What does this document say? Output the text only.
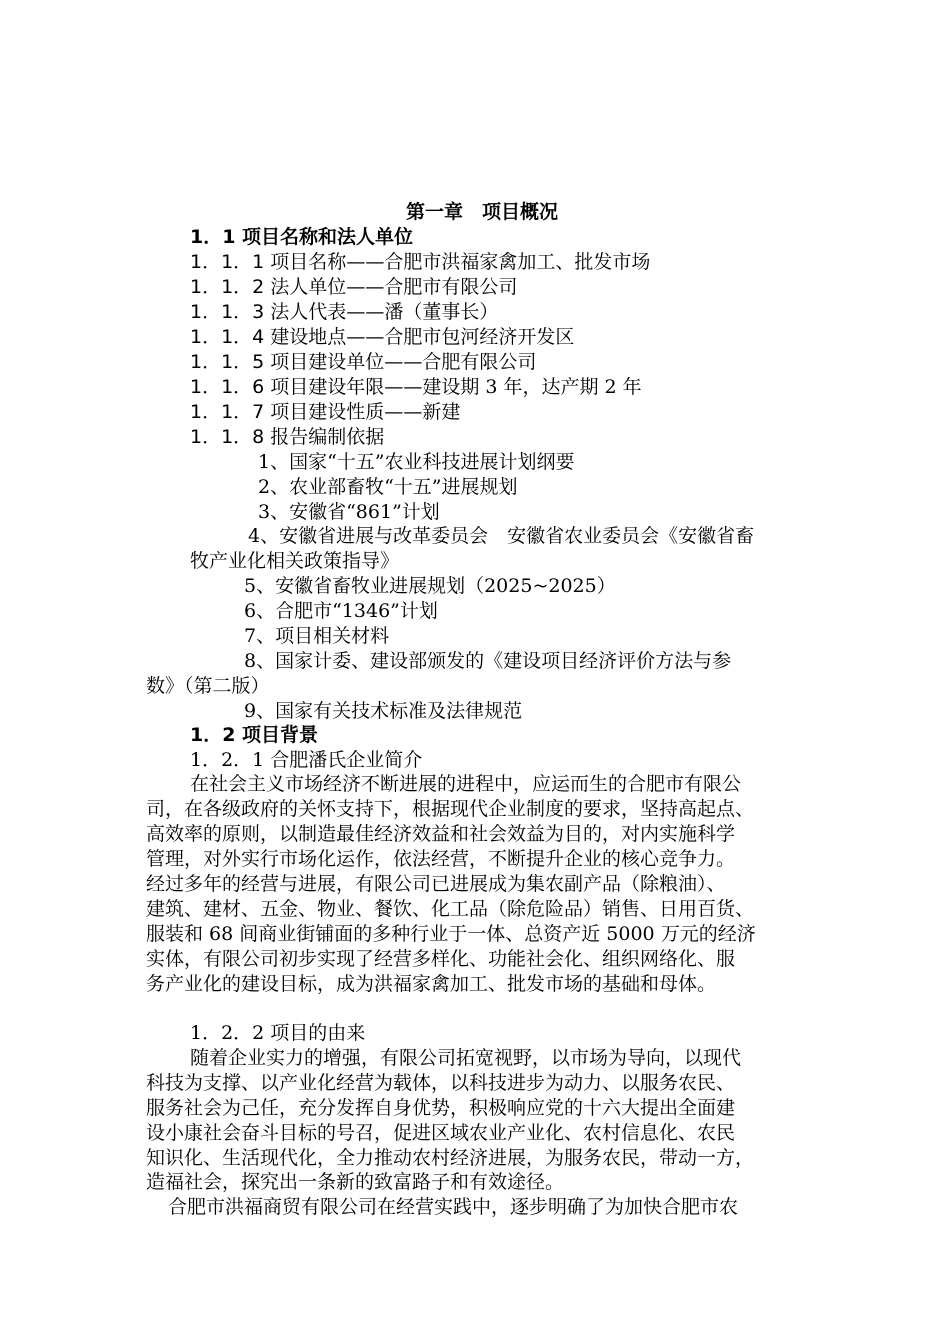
第一章　项目概况
1．1 项目名称和法人单位
1．1．1 项目名称——合肥市洪福家禽加工、批发市场
1．1．2 法人单位——合肥市有限公司
1．1．3 法人代表——潘（董事长）
1．1．4 建设地点——合肥市包河经济开发区
1．1．5 项目建设单位——合肥有限公司
1．1．6 项目建设年限——建设期 3 年，达产期 2 年
1．1．7 项目建设性质——新建
1．1．8 报告编制依据
1、国家“十五”农业科技进展计划纲要
2、农业部畜牧“十五”进展规划
3、安徽省“861”计划
4、安徽省进展与改革委员会　安徽省农业委员会《安徽省畜
牧产业化相关政策指导》
5、安徽省畜牧业进展规划（2025~2025）
6、合肥市“1346”计划
7、项目相关材料
8、国家计委、建设部颁发的《建设项目经济评价方法与参
数》（第二版）
9、国家有关技术标准及法律规范
1．2 项目背景
1．2．1 合肥潘氏企业简介
在社会主义市场经济不断进展的进程中，应运而生的合肥市有限公
司，在各级政府的关怀支持下，根据现代企业制度的要求，坚持高起点、
高效率的原则，以制造最佳经济效益和社会效益为目的，对内实施科学
管理，对外实行市场化运作，依法经营，不断提升企业的核心竞争力。
经过多年的经营与进展，有限公司已进展成为集农副产品（除粮油）、
建筑、建材、五金、物业、餐饮、化工品（除危险品）销售、日用百货、
服装和 68 间商业街铺面的多种行业于一体、总资产近 5000 万元的经济
实体，有限公司初步实现了经营多样化、功能社会化、组织网络化、服
务产业化的建设目标，成为洪福家禽加工、批发市场的基础和母体。
1．2．2 项目的由来
随着企业实力的增强，有限公司拓宽视野，以市场为导向，以现代
科技为支撑、以产业化经营为载体，以科技进步为动力、以服务农民、
服务社会为己任，充分发挥自身优势，积极响应党的十六大提出全面建
设小康社会奋斗目标的号召，促进区域农业产业化、农村信息化、农民
知识化、生活现代化，全力推动农村经济进展，为服务农民，带动一方，
造福社会，探究出一条新的致富路子和有效途径。
合肥市洪福商贸有限公司在经营实践中，逐步明确了为加快合肥市农
